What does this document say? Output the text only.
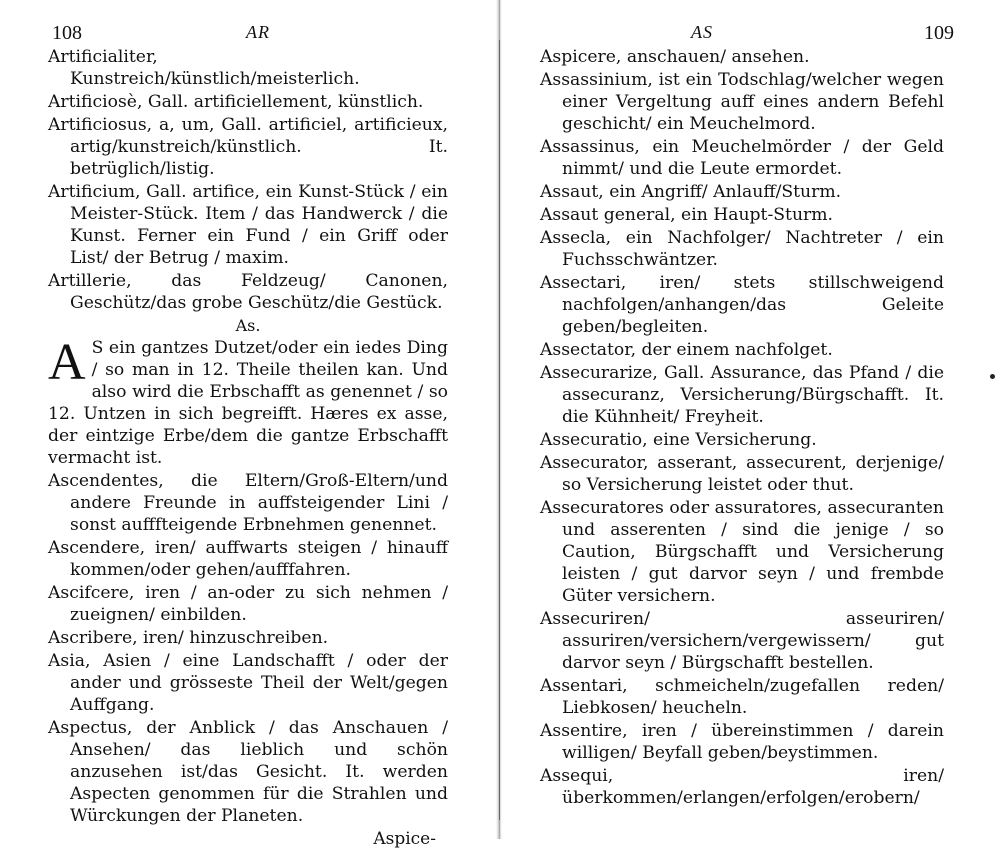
108	AR

Artificialiter, Kunstreich/künstlich/meisterlich.

Artificiosè, Gall. artificiellement, künstlich.

Artificiosus, a, um, Gall. artificiel, artificieux, artig/kunstreich/künstlich. It. betrüglich/listig.

Artificium, Gall. artifice, ein Kunst-Stück / ein Meister-Stück. Item / das Handwerck / die Kunst. Ferner ein Fund / ein Griff oder List/ der Betrug / maxim.

Artillerie, das Feldzeug/ Canonen, Geschütz/das grobe Geschütz/die Gestück.

As.

A S ein gantzes Dutzet/oder ein iedes Ding / so man in 12. Theile theilen kan. Und also wird die Erbschafft as genennet / so 12. Untzen in sich begreifft. Hæres ex asse, der eintzige Erbe/dem die gantze Erbschafft vermacht ist.

Ascendentes, die Eltern/Groß-Eltern/und andere Freunde in auffsteigender Lini / sonst aufffteigende Erbnehmen genennet.

Ascendere, iren/ auffwarts steigen / hinauff kommen/oder gehen/aufffahren.

Ascifcere, iren / an-oder zu sich nehmen / zueignen/ einbilden.

Ascribere, iren/ hinzuschreiben.

Asia, Asien / eine Landschafft / oder der ander und grösseste Theil der Welt/gegen Auffgang.

Aspectus, der Anblick / das Anschauen / Ansehen/ das lieblich und schön anzusehen ist/das Gesicht. It. werden Aspecten genommen für die Strahlen und Würckungen der Planeten.

Aspice-
AS	109

Aspicere, anschauen/ ansehen.

Assassinium, ist ein Todschlag/welcher wegen einer Vergeltung auff eines andern Befehl geschicht/ ein Meuchelmord.

Assassinus, ein Meuchelmörder / der Geld nimmt/ und die Leute ermordet.

Assaut, ein Angriff/ Anlauff/Sturm.

Assaut general, ein Haupt-Sturm.

Assecla, ein Nachfolger/ Nachtreter / ein Fuchsschwäntzer.

Assectari, iren/ stets stillschweigend nachfolgen/anhangen/das Geleite geben/begleiten.

Assectator, der einem nachfolget.

Assecurarize, Gall. Assurance, das Pfand / die assecuranz, Versicherung/Bürgschafft. It. die Kühnheit/ Freyheit.

Assecuratio, eine Versicherung.

Assecurator, asserant, assecurent, derjenige/ so Versicherung leistet oder thut.

Assecuratores oder assuratores, assecuranten und asserenten / sind die jenige / so Caution, Bürgschafft und Versicherung leisten / gut darvor seyn / und frembde Güter versichern.

Assecuriren/ asseuriren/ assuriren/versichern/vergewissern/ gut darvor seyn / Bürgschafft bestellen.

Assentari, schmeicheln/zugefallen reden/ Liebkosen/ heucheln.

Assentire, iren / übereinstimmen / darein willigen/ Beyfall geben/beystimmen.

Assequi, iren/ überkommen/erlangen/erfolgen/erobern/
